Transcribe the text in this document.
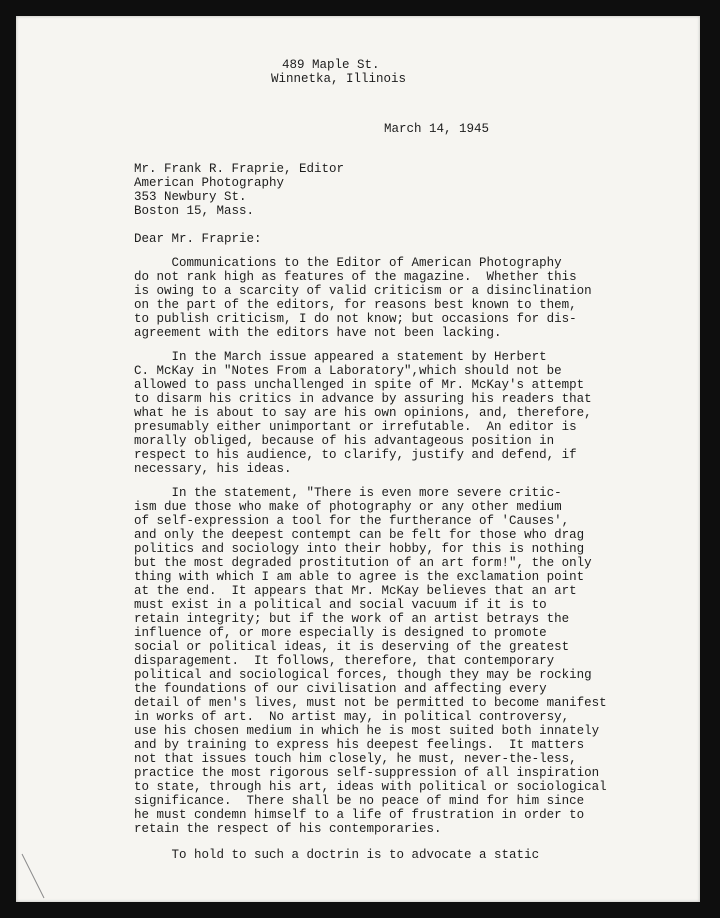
489 Maple St.
Winnetka, Illinois
March 14, 1945
Mr. Frank R. Fraprie, Editor
American Photography
353 Newbury St.
Boston 15, Mass.
Dear Mr. Fraprie:
Communications to the Editor of American Photography
do not rank high as features of the magazine.  Whether this
is owing to a scarcity of valid criticism or a disinclination
on the part of the editors, for reasons best known to them,
to publish criticism, I do not know; but occasions for dis-
agreement with the editors have not been lacking.
In the March issue appeared a statement by Herbert
C. McKay in "Notes From a Laboratory",which should not be
allowed to pass unchallenged in spite of Mr. McKay's attempt
to disarm his critics in advance by assuring his readers that
what he is about to say are his own opinions, and, therefore,
presumably either unimportant or irrefutable.  An editor is
morally obliged, because of his advantageous position in
respect to his audience, to clarify, justify and defend, if
necessary, his ideas.
In the statement, "There is even more severe critic-
ism due those who make of photography or any other medium
of self-expression a tool for the furtherance of 'Causes',
and only the deepest contempt can be felt for those who drag
politics and sociology into their hobby, for this is nothing
but the most degraded prostitution of an art form!", the only
thing with which I am able to agree is the exclamation point
at the end.  It appears that Mr. McKay believes that an art
must exist in a political and social vacuum if it is to
retain integrity; but if the work of an artist betrays the
influence of, or more especially is designed to promote
social or political ideas, it is deserving of the greatest
disparagement.  It follows, therefore, that contemporary
political and sociological forces, though they may be rocking
the foundations of our civilisation and affecting every
detail of men's lives, must not be permitted to become manifest
in works of art.  No artist may, in political controversy,
use his chosen medium in which he is most suited both innately
and by training to express his deepest feelings.  It matters
not that issues touch him closely, he must, never-the-less,
practice the most rigorous self-suppression of all inspiration
to state, through his art, ideas with political or sociological
significance.  There shall be no peace of mind for him since
he must condemn himself to a life of frustration in order to
retain the respect of his contemporaries.
To hold to such a doctrin is to advocate a static
